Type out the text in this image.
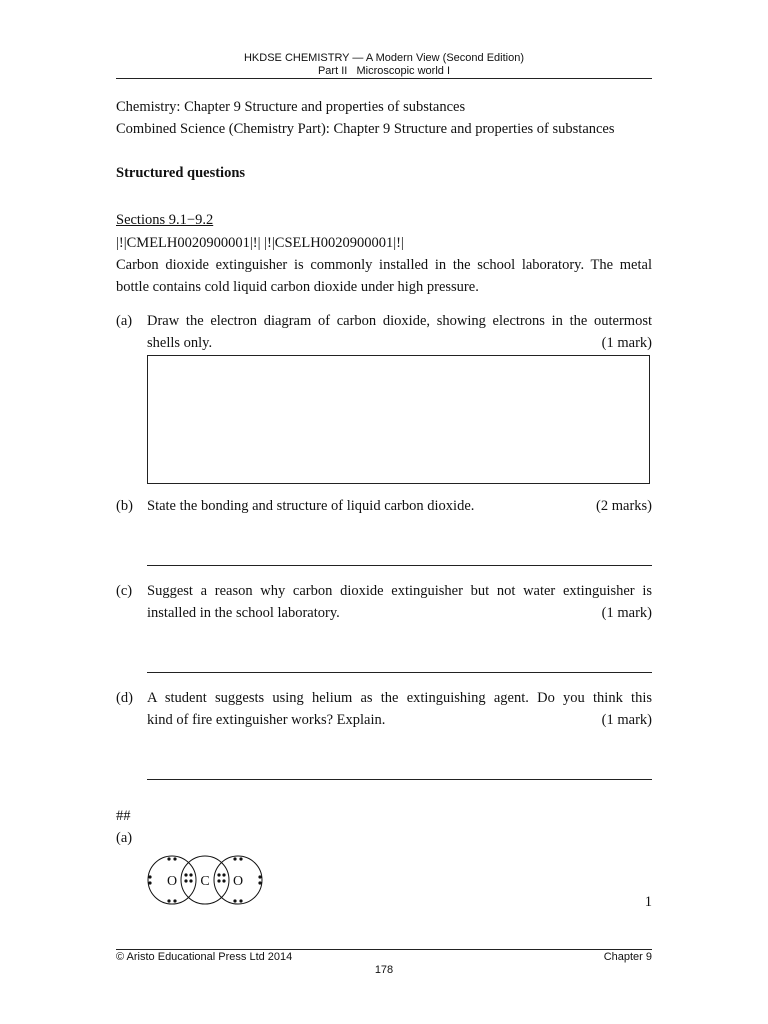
HKDSE CHEMISTRY — A Modern View (Second Edition)
Part II   Microscopic world I
Chemistry: Chapter 9 Structure and properties of substances
Combined Science (Chemistry Part): Chapter 9 Structure and properties of substances
Structured questions
Sections 9.1−9.2
|!|CMELH0020900001|!| |!|CSELH0020900001|!|
Carbon dioxide extinguisher is commonly installed in the school laboratory. The metal
bottle contains cold liquid carbon dioxide under high pressure.
(a) Draw the electron diagram of carbon dioxide, showing electrons in the outermost
shells only.	(1 mark)
(b) State the bonding and structure of liquid carbon dioxide.	(2 marks)
(c) Suggest a reason why carbon dioxide extinguisher but not water extinguisher is
installed in the school laboratory.	(1 mark)
(d) A student suggests using helium as the extinguishing agent. Do you think this
kind of fire extinguisher works? Explain.	(1 mark)
##
(a)
O C O
1
© Aristo Educational Press Ltd 2014	Chapter 9
178
